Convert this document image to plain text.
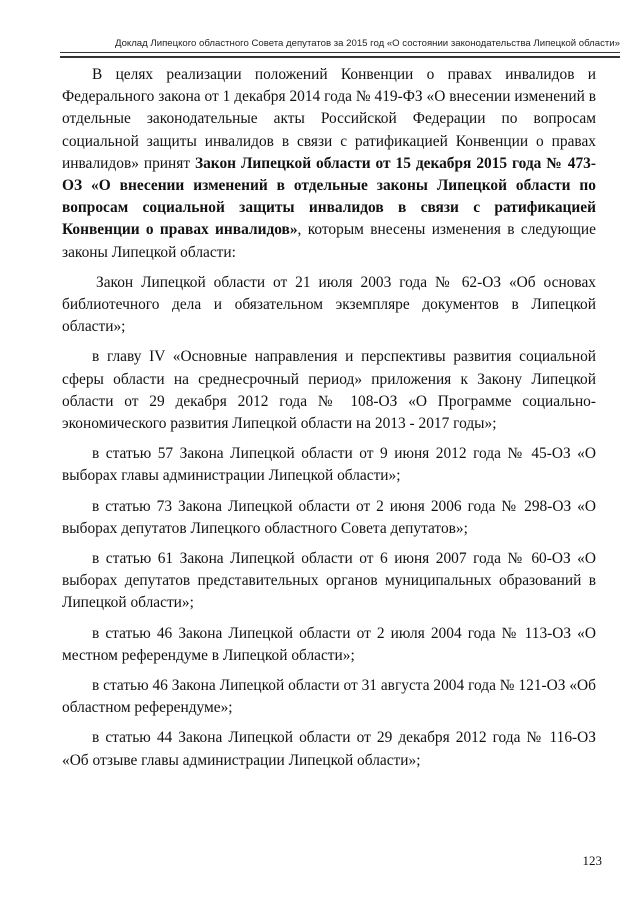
Доклад Липецкого областного Совета депутатов за 2015 год «О состоянии законодательства Липецкой области»

В целях реализации положений Конвенции о правах инвалидов и Федерального закона от 1 декабря 2014 года № 419-ФЗ «О внесении изменений в отдельные законодательные акты Российской Федерации по вопросам социальной защиты инвалидов в связи с ратификацией Конвенции о правах инвалидов» принят Закон Липецкой области от 15 декабря 2015 года № 473-ОЗ «О внесении изменений в отдельные законы Липецкой области по вопросам социальной защиты инвалидов в связи с ратификацией Конвенции о правах инвалидов», которым внесены изменения в следующие законы Липецкой области:

Закон Липецкой области от 21 июля 2003 года № 62-ОЗ «Об основах библиотечного дела и обязательном экземпляре документов в Липецкой области»;

в главу IV «Основные направления и перспективы развития социальной сферы области на среднесрочный период» приложения к Закону Липецкой области от 29 декабря 2012 года № 108-ОЗ «О Программе социально-экономического развития Липецкой области на 2013 - 2017 годы»;

в статью 57 Закона Липецкой области от 9 июня 2012 года № 45-ОЗ «О выборах главы администрации Липецкой области»;

в статью 73 Закона Липецкой области от 2 июня 2006 года № 298-ОЗ «О выборах депутатов Липецкого областного Совета депутатов»;

в статью 61 Закона Липецкой области от 6 июня 2007 года № 60-ОЗ «О выборах депутатов представительных органов муниципальных образований в Липецкой области»;

в статью 46 Закона Липецкой области от 2 июля 2004 года № 113-ОЗ «О местном референдуме в Липецкой области»;

в статью 46 Закона Липецкой области от 31 августа 2004 года № 121-ОЗ «Об областном референдуме»;

в статью 44 Закона Липецкой области от 29 декабря 2012 года № 116-ОЗ «Об отзыве главы администрации Липецкой области»;

123
